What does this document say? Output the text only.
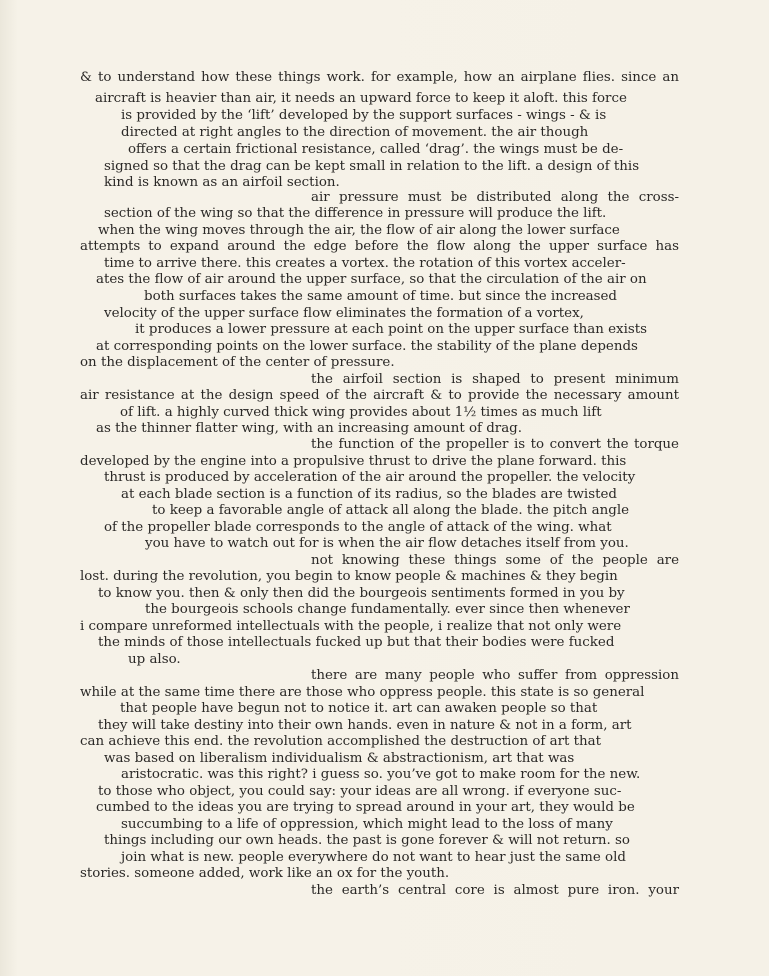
& to understand how these things work. for example, how an airplane flies. since an
aircraft is heavier than air, it needs an upward force to keep it aloft. this force
is provided by the ‘lift’ developed by the support surfaces - wings - & is
directed at right angles to the direction of movement. the air though
offers a certain frictional resistance, called ‘drag’. the wings must be de-
signed so that the drag can be kept small in relation to the lift. a design of this
kind is known as an airfoil section.
air pressure must be distributed along the cross-
section of the wing so that the difference in pressure will produce the lift.
when the wing moves through the air, the flow of air along the lower surface
attempts to expand around the edge before the flow along the upper surface has
time to arrive there. this creates a vortex. the rotation of this vortex acceler-
ates the flow of air around the upper surface, so that the circulation of the air on
both surfaces takes the same amount of time. but since the increased
velocity of the upper surface flow eliminates the formation of a vortex,
it produces a lower pressure at each point on the upper surface than exists
at corresponding points on the lower surface. the stability of the plane depends
on the displacement of the center of pressure.
the airfoil section is shaped to present minimum
air resistance at the design speed of the aircraft & to provide the necessary amount
of lift. a highly curved thick wing provides about 1½ times as much lift
as the thinner flatter wing, with an increasing amount of drag.
the function of the propeller is to convert the torque
developed by the engine into a propulsive thrust to drive the plane forward. this
thrust is produced by acceleration of the air around the propeller. the velocity
at each blade section is a function of its radius, so the blades are twisted
to keep a favorable angle of attack all along the blade. the pitch angle
of the propeller blade corresponds to the angle of attack of the wing. what
you have to watch out for is when the air flow detaches itself from you.
not knowing these things some of the people are
lost. during the revolution, you begin to know people & machines & they begin
to know you. then & only then did the bourgeois sentiments formed in you by
the bourgeois schools change fundamentally. ever since then whenever
i compare unreformed intellectuals with the people, i realize that not only were
the minds of those intellectuals fucked up but that their bodies were fucked
up also.
there are many people who suffer from oppression
while at the same time there are those who oppress people. this state is so general
that people have begun not to notice it. art can awaken people so that
they will take destiny into their own hands. even in nature & not in a form, art
can achieve this end. the revolution accomplished the destruction of art that
was based on liberalism individualism & abstractionism, art that was
aristocratic. was this right? i guess so. you’ve got to make room for the new.
to those who object, you could say: your ideas are all wrong. if everyone suc-
cumbed to the ideas you are trying to spread around in your art, they would be
succumbing to a life of oppression, which might lead to the loss of many
things including our own heads. the past is gone forever & will not return. so
join what is new. people everywhere do not want to hear just the same old
stories. someone added, work like an ox for the youth.
the earth’s central core is almost pure iron. your
